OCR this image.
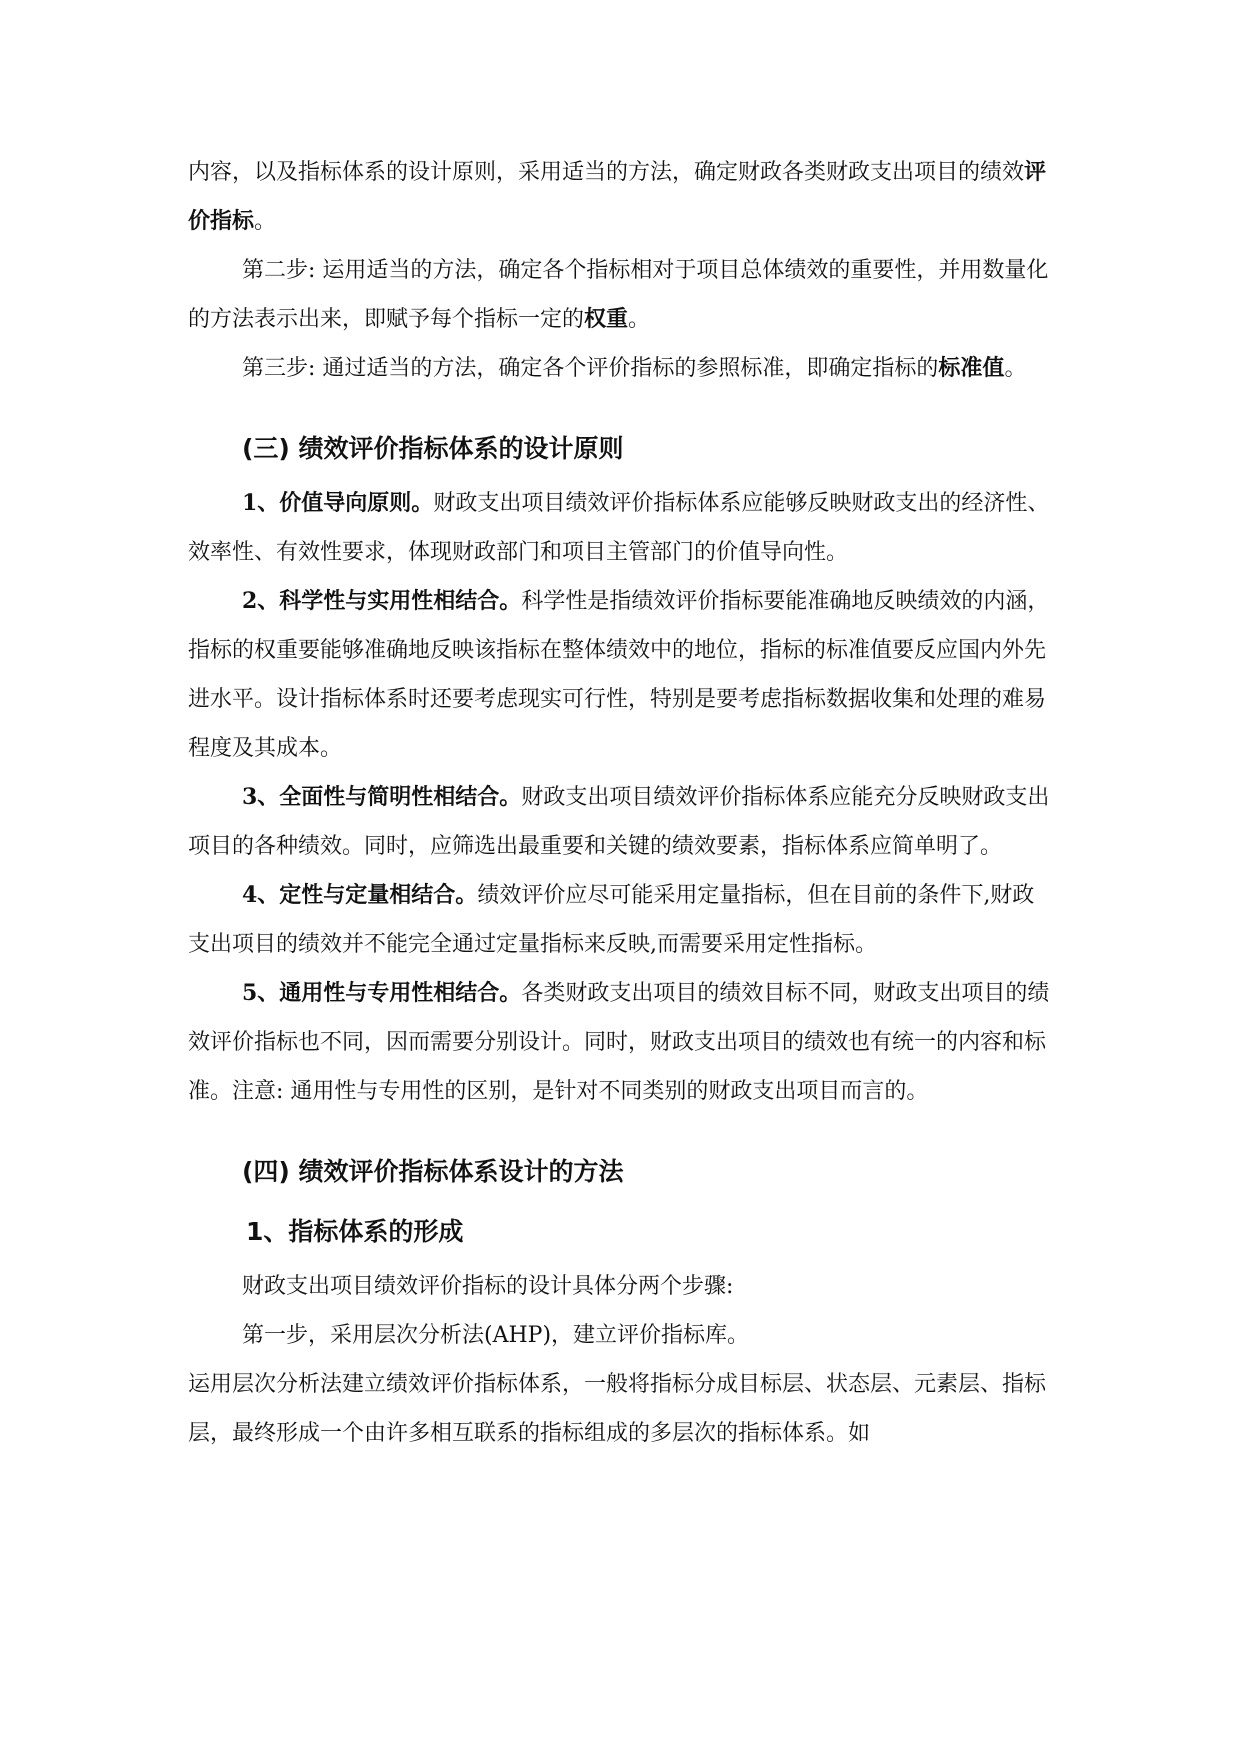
内容，以及指标体系的设计原则，采用适当的方法，确定财政各类财政支出项目的绩效评价指标。

第二步: 运用适当的方法，确定各个指标相对于项目总体绩效的重要性，并用数量化的方法表示出来，即赋予每个指标一定的权重。

第三步: 通过适当的方法，确定各个评价指标的参照标准，即确定指标的标准值。

(三) 绩效评价指标体系的设计原则

1、价值导向原则。财政支出项目绩效评价指标体系应能够反映财政支出的经济性、效率性、有效性要求，体现财政部门和项目主管部门的价值导向性。

2、科学性与实用性相结合。科学性是指绩效评价指标要能准确地反映绩效的内涵，指标的权重要能够准确地反映该指标在整体绩效中的地位，指标的标准值要反应国内外先进水平。设计指标体系时还要考虑现实可行性，特别是要考虑指标数据收集和处理的难易程度及其成本。

3、全面性与简明性相结合。财政支出项目绩效评价指标体系应能充分反映财政支出项目的各种绩效。同时，应筛选出最重要和关键的绩效要素，指标体系应简单明了。

4、定性与定量相结合。绩效评价应尽可能采用定量指标，但在目前的条件下,财政支出项目的绩效并不能完全通过定量指标来反映,而需要采用定性指标。

5、通用性与专用性相结合。各类财政支出项目的绩效目标不同，财政支出项目的绩效评价指标也不同，因而需要分别设计。同时，财政支出项目的绩效也有统一的内容和标准。注意: 通用性与专用性的区别，是针对不同类别的财政支出项目而言的。

(四) 绩效评价指标体系设计的方法
1、指标体系的形成

财政支出项目绩效评价指标的设计具体分两个步骤:

第一步，采用层次分析法(AHP)，建立评价指标库。

运用层次分析法建立绩效评价指标体系，一般将指标分成目标层、状态层、元素层、指标层，最终形成一个由许多相互联系的指标组成的多层次的指标体系。如
